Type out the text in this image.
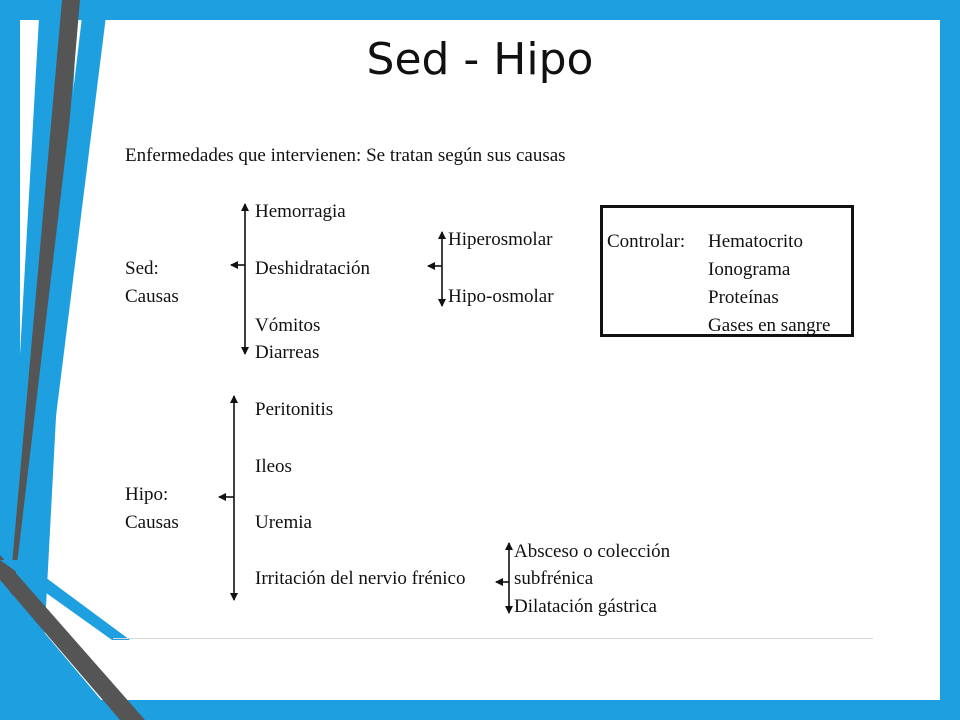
Sed - Hipo
Enfermedades que intervienen: Se tratan según sus causas
Sed:
Causas
Hemorragia
Deshidratación
Vómitos
Diarreas
Hiperosmolar
Hipo-osmolar
Controlar: Hematocrito
Ionograma
Proteínas
Gases en sangre
Hipo:
Causas
Peritonitis
Ileos
Uremia
Irritación del nervio frénico
Absceso o colección
subfrénica
Dilatación gástrica
